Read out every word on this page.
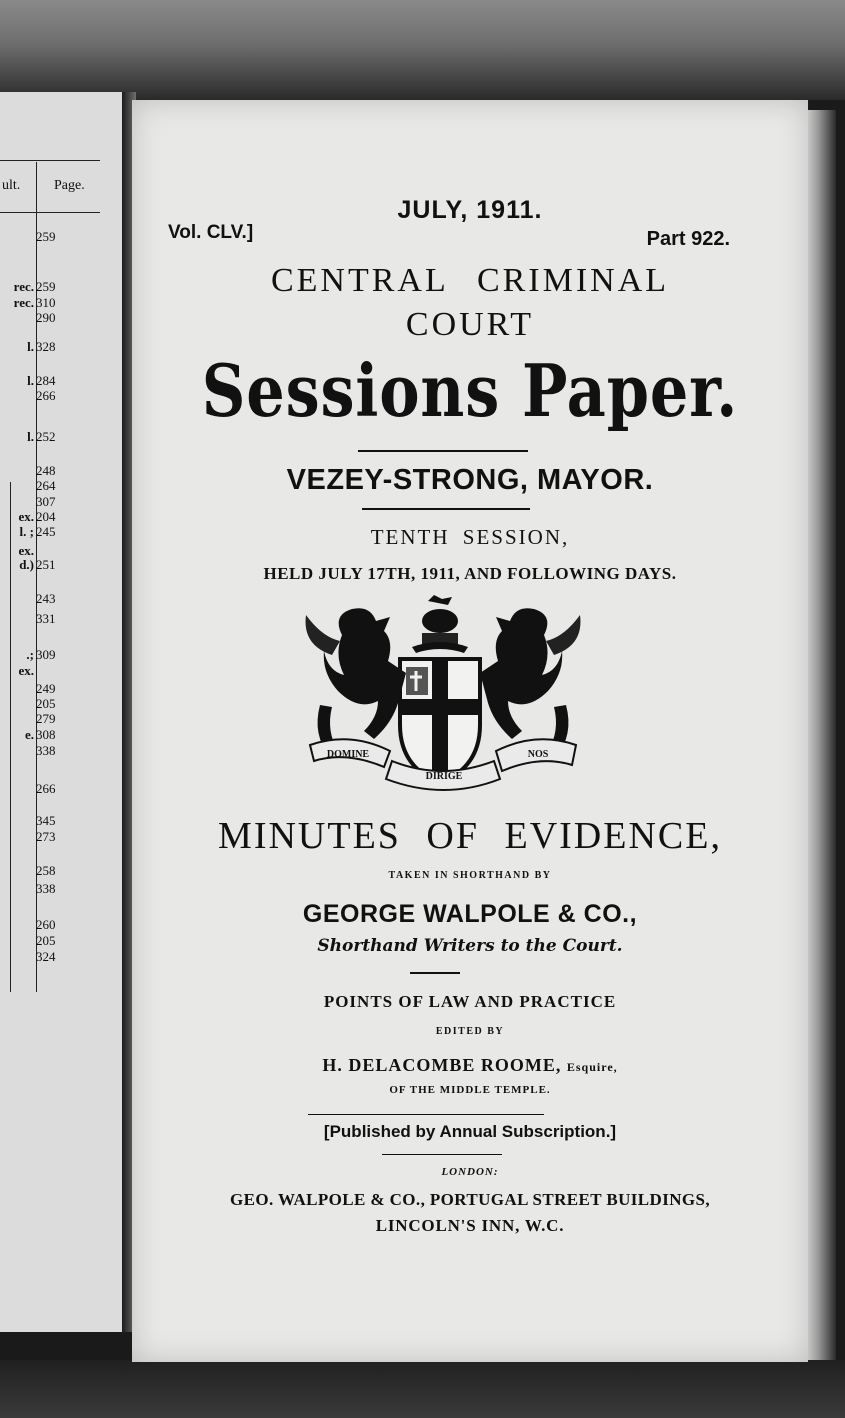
ult. Page.
259
rec. 259
rec. 310
290
l. 328
l. 284
266
l. 252
248
264
307
ex. 204
l. ; 245
ex.
d.) 251
243
331
.; 309
ex.
249
205
279
e. 308
338
266
345
273
258
338
260
205
324
JULY, 1911.
Vol. CLV.]	Part 922.
CENTRAL CRIMINAL
COURT
Sessions Paper.
VEZEY-STRONG, MAYOR.
TENTH SESSION,
HELD JULY 17TH, 1911, AND FOLLOWING DAYS.
DOMINE
DIRIGE
NOS
MINUTES OF EVIDENCE,
TAKEN IN SHORTHAND BY
GEORGE WALPOLE & CO.,
Shorthand Writers to the Court.
POINTS OF LAW AND PRACTICE
EDITED BY
H. DELACOMBE ROOME, Esquire,
OF THE MIDDLE TEMPLE.
[Published by Annual Subscription.]
LONDON:
GEO. WALPOLE & CO., PORTUGAL STREET BUILDINGS,
LINCOLN'S INN, W.C.
